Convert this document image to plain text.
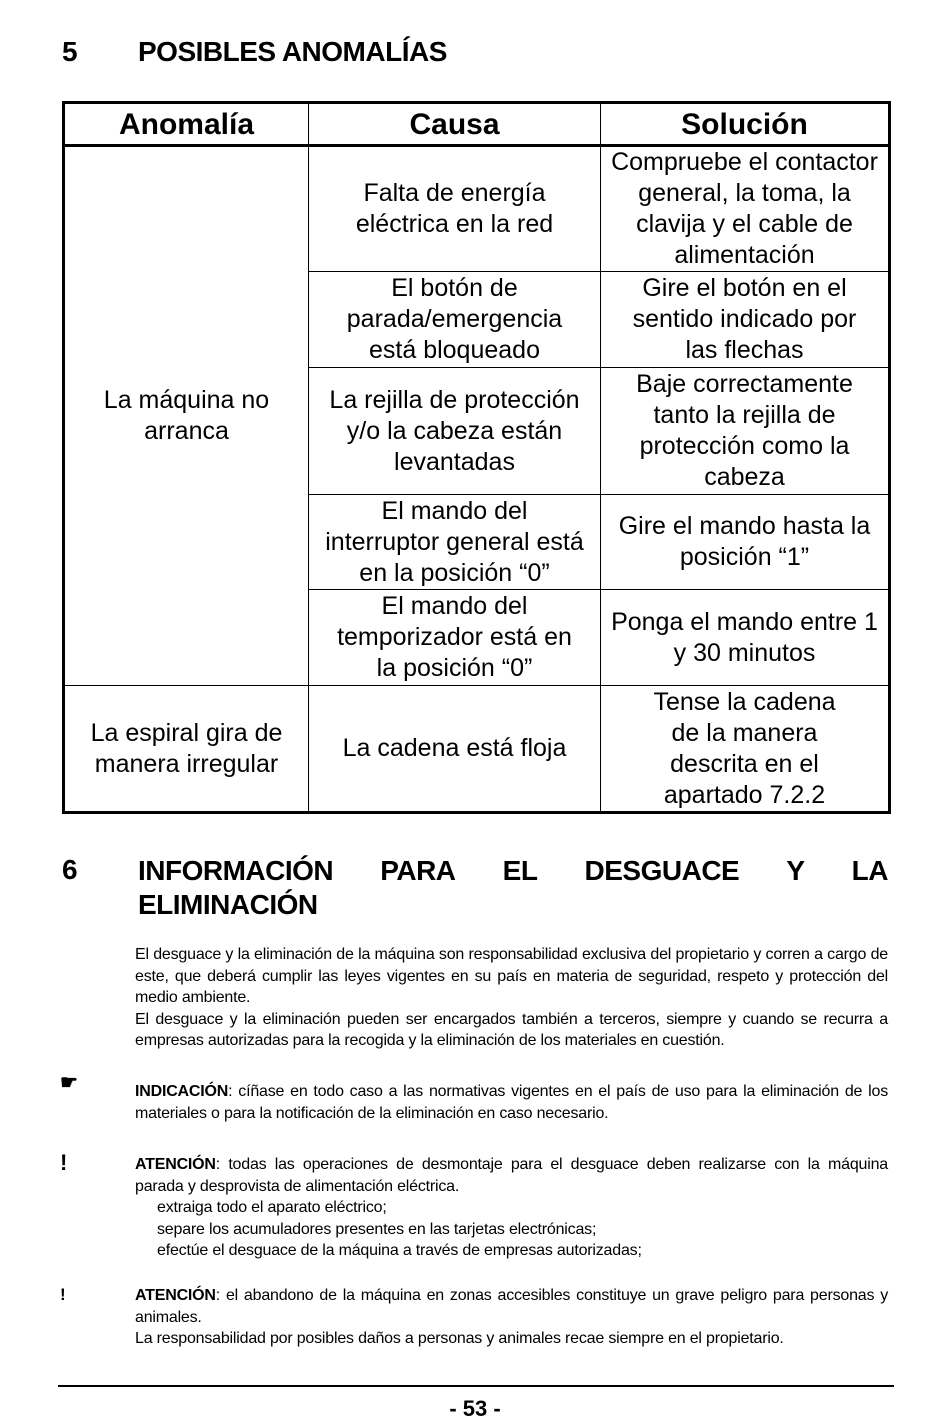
5 POSIBLES ANOMALÍAS
Anomalía	Causa	Solución
La máquina no arranca	Falta de energía eléctrica en la red	Compruebe el contactor general, la toma, la clavija y el cable de alimentación
	El botón de parada/emergencia está bloqueado	Gire el botón en el sentido indicado por las flechas
	La rejilla de protección y/o la cabeza están levantadas	Baje correctamente tanto la rejilla de protección como la cabeza
	El mando del interruptor general está en la posición “0”	Gire el mando hasta la posición “1”
	El mando del temporizador está en la posición “0”	Ponga el mando entre 1 y 30 minutos
La espiral gira de manera irregular	La cadena está floja	Tense la cadena de la manera descrita en el apartado 7.2.2
6 INFORMACIÓN PARA EL DESGUACE Y LA
ELIMINACIÓN
El desguace y la eliminación de la máquina son responsabilidad exclusiva del propietario y corren a cargo de este, que deberá cumplir las leyes vigentes en su país en materia de seguridad, respeto y protección del medio ambiente.
El desguace y la eliminación pueden ser encargados también a terceros, siempre y cuando se recurra a empresas autorizadas para la recogida y la eliminación de los materiales en cuestión.
☛	INDICACIÓN: cíñase en todo caso a las normativas vigentes en el país de uso para la eliminación de los materiales o para la notificación de la eliminación en caso necesario.
!	ATENCIÓN: todas las operaciones de desmontaje para el desguace deben realizarse con la máquina parada y desprovista de alimentación eléctrica.
extraiga todo el aparato eléctrico;
separe los acumuladores presentes en las tarjetas electrónicas;
efectúe el desguace de la máquina a través de empresas autorizadas;
!	ATENCIÓN: el abandono de la máquina en zonas accesibles constituye un grave peligro para personas y animales.
La responsabilidad por posibles daños a personas y animales recae siempre en el propietario.
- 53 -
